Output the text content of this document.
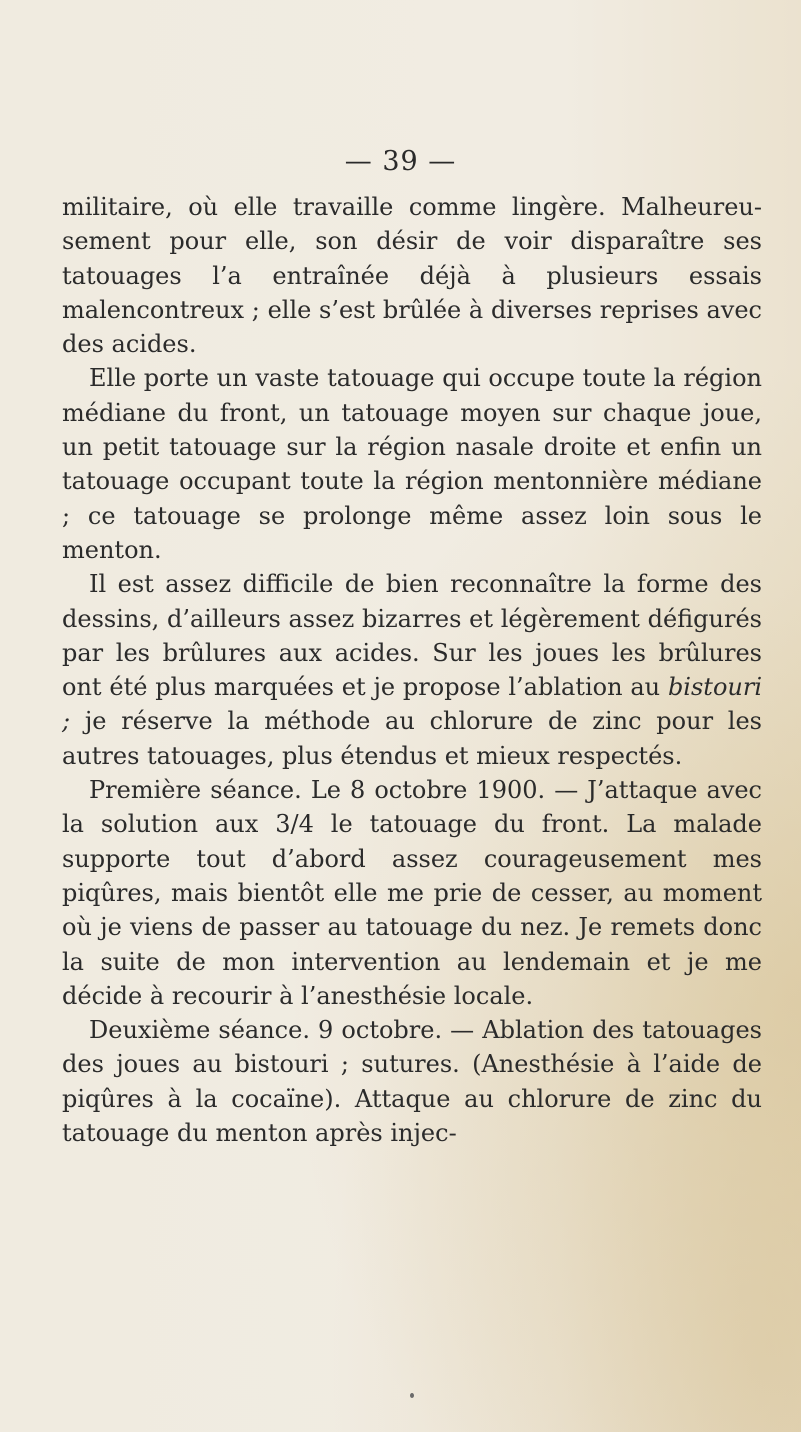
— 39 —

militaire, où elle travaille comme lingère. Malheureusement pour elle, son désir de voir disparaître ses tatouages l’a entraînée déjà à plusieurs essais malencontreux ; elle s’est brûlée à diverses reprises avec des acides.

Elle porte un vaste tatouage qui occupe toute la région médiane du front, un tatouage moyen sur chaque joue, un petit tatouage sur la région nasale droite et enfin un tatouage occupant toute la région mentonnière médiane ; ce tatouage se prolonge même assez loin sous le menton.

Il est assez difficile de bien reconnaître la forme des dessins, d’ailleurs assez bizarres et légèrement défigurés par les brûlures aux acides. Sur les joues les brûlures ont été plus marquées et je propose l’ablation au bistouri ; je réserve la méthode au chlorure de zinc pour les autres tatouages, plus étendus et mieux respectés.

Première séance. Le 8 octobre 1900. — J’attaque avec la solution aux 3/4 le tatouage du front. La malade supporte tout d’abord assez courageusement mes piqûres, mais bientôt elle me prie de cesser, au moment où je viens de passer au tatouage du nez. Je remets donc la suite de mon intervention au lendemain et je me décide à recourir à l’anesthésie locale.

Deuxième séance. 9 octobre. — Ablation des tatouages des joues au bistouri ; sutures. (Anesthésie à l’aide de piqûres à la cocaïne). Attaque au chlorure de zinc du tatouage du menton après injec-
